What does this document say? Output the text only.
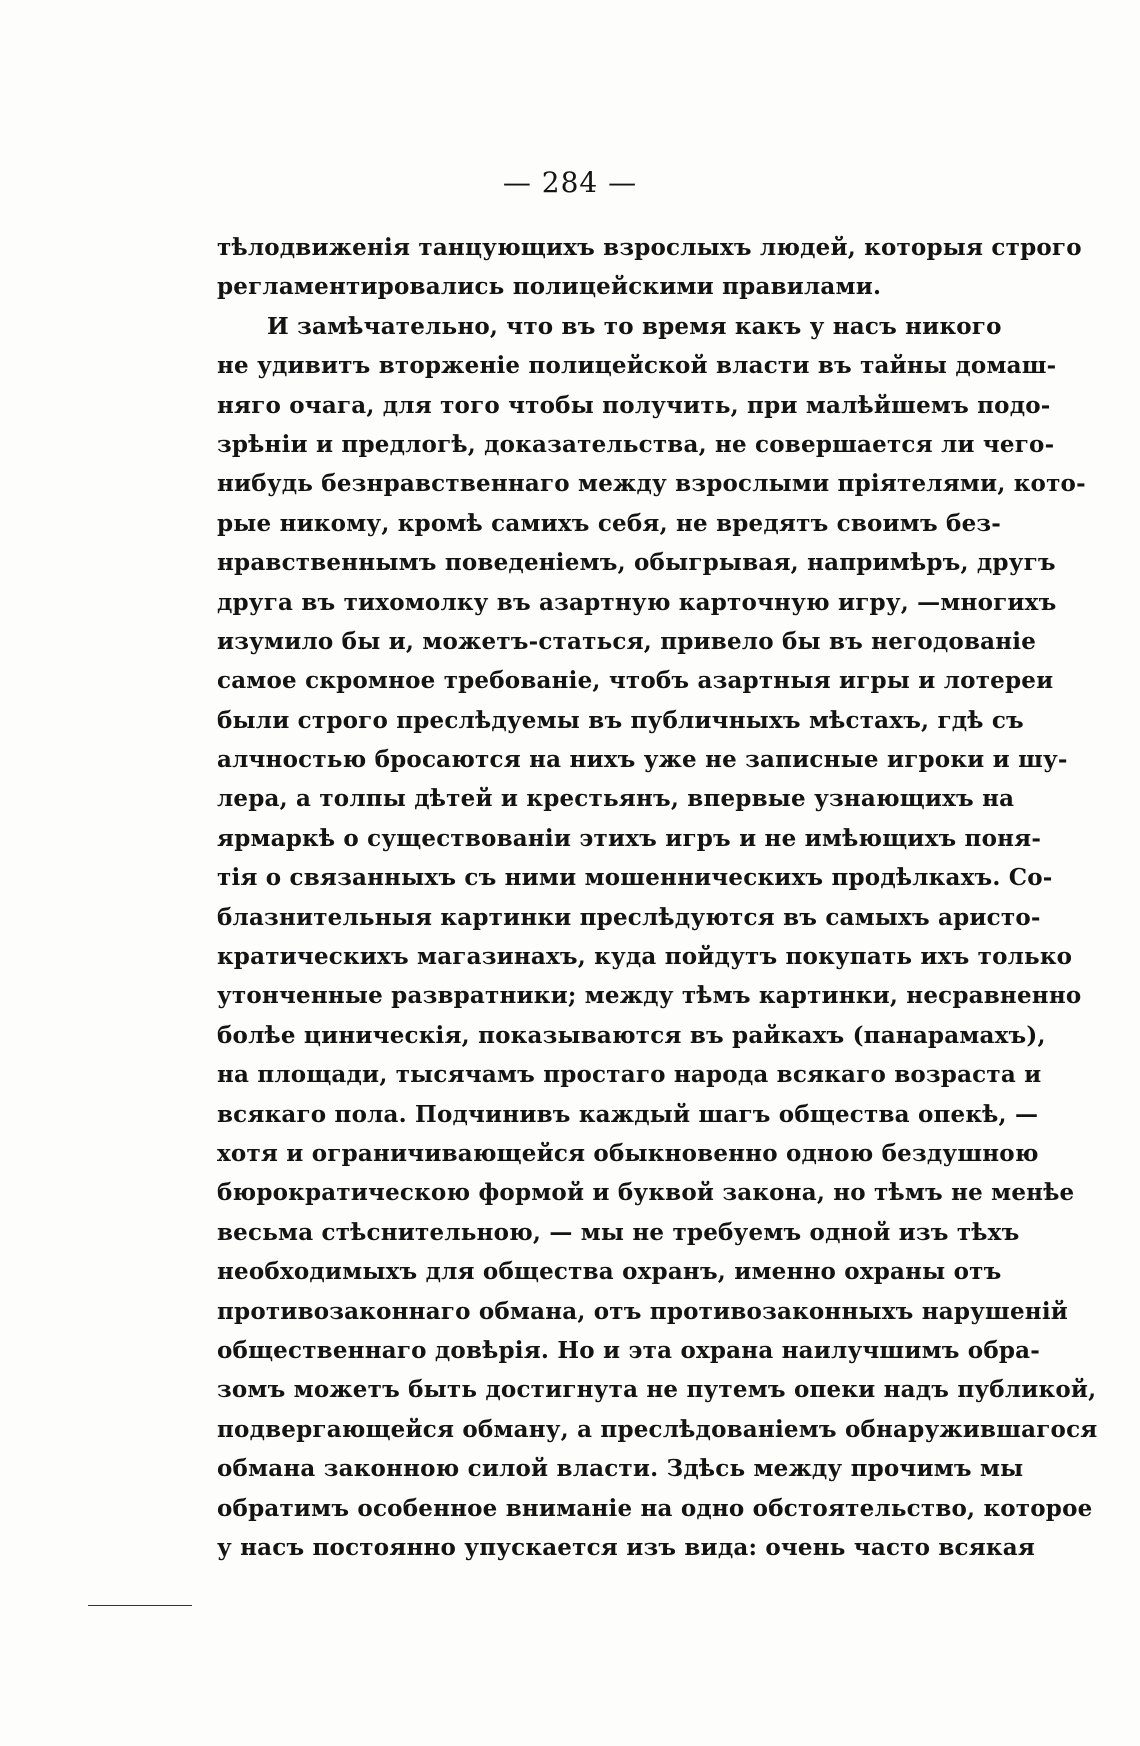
— 284 —
тѣлодвиженія танцующихъ взрослыхъ людей, которыя строго
регламентировались полицейскими правилами.
И замѣчательно, что въ то время какъ у насъ никого
не удивитъ вторженіе полицейской власти въ тайны домаш-
няго очага, для того чтобы получить, при малѣйшемъ подо-
зрѣніи и предлогѣ, доказательства, не совершается ли чего-
нибудь безнравственнаго между взрослыми пріятелями, кото-
рые никому, кромѣ самихъ себя, не вредятъ своимъ без-
нравственнымъ поведеніемъ, обыгрывая, напримѣръ, другъ
друга въ тихомолку въ азартную карточную игру, —многихъ
изумило бы и, можетъ-статься, привело бы въ негодованіе
самое скромное требованіе, чтобъ азартныя игры и лотереи
были строго преслѣдуемы въ публичныхъ мѣстахъ, гдѣ съ
алчностью бросаются на нихъ уже не записные игроки и шу-
лера, а толпы дѣтей и крестьянъ, впервые узнающихъ на
ярмаркѣ о существованіи этихъ игръ и не имѣющихъ поня-
тія о связанныхъ съ ними мошенническихъ продѣлкахъ. Со-
блазнительныя картинки преслѣдуются въ самыхъ аристо-
кратическихъ магазинахъ, куда пойдутъ покупать ихъ только
утонченные развратники; между тѣмъ картинки, несравненно
болѣе циническія, показываются въ райкахъ (панарамахъ),
на площади, тысячамъ простаго народа всякаго возраста и
всякаго пола. Подчинивъ каждый шагъ общества опекѣ, —
хотя и ограничивающейся обыкновенно одною бездушною
бюрократическою формой и буквой закона, но тѣмъ не менѣе
весьма стѣснительною, — мы не требуемъ одной изъ тѣхъ
необходимыхъ для общества охранъ, именно охраны отъ
противозаконнаго обмана, отъ противозаконныхъ нарушеній
общественнаго довѣрія. Но и эта охрана наилучшимъ обра-
зомъ можетъ быть достигнута не путемъ опеки надъ публикой,
подвергающейся обману, а преслѣдованіемъ обнаружившагося
обмана законною силой власти. Здѣсь между прочимъ мы
обратимъ особенное вниманіе на одно обстоятельство, которое
у насъ постоянно упускается изъ вида: очень часто всякая
